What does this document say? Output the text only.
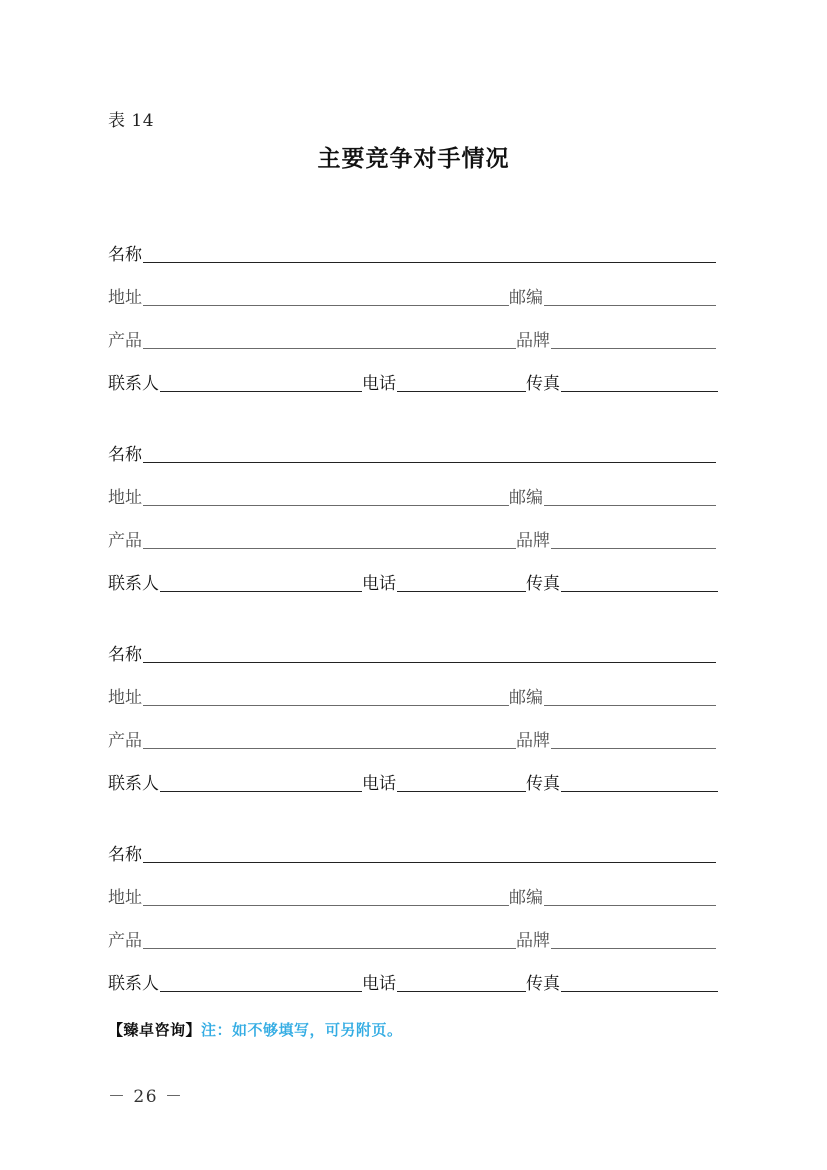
表 14
主要竞争对手情况
名称
地址	邮编
产品	品牌
联系人	电话	传真
名称
地址	邮编
产品	品牌
联系人	电话	传真
名称
地址	邮编
产品	品牌
联系人	电话	传真
名称
地址	邮编
产品	品牌
联系人	电话	传真
【臻卓咨询】注：如不够填写，可另附页。
－ 26 －
